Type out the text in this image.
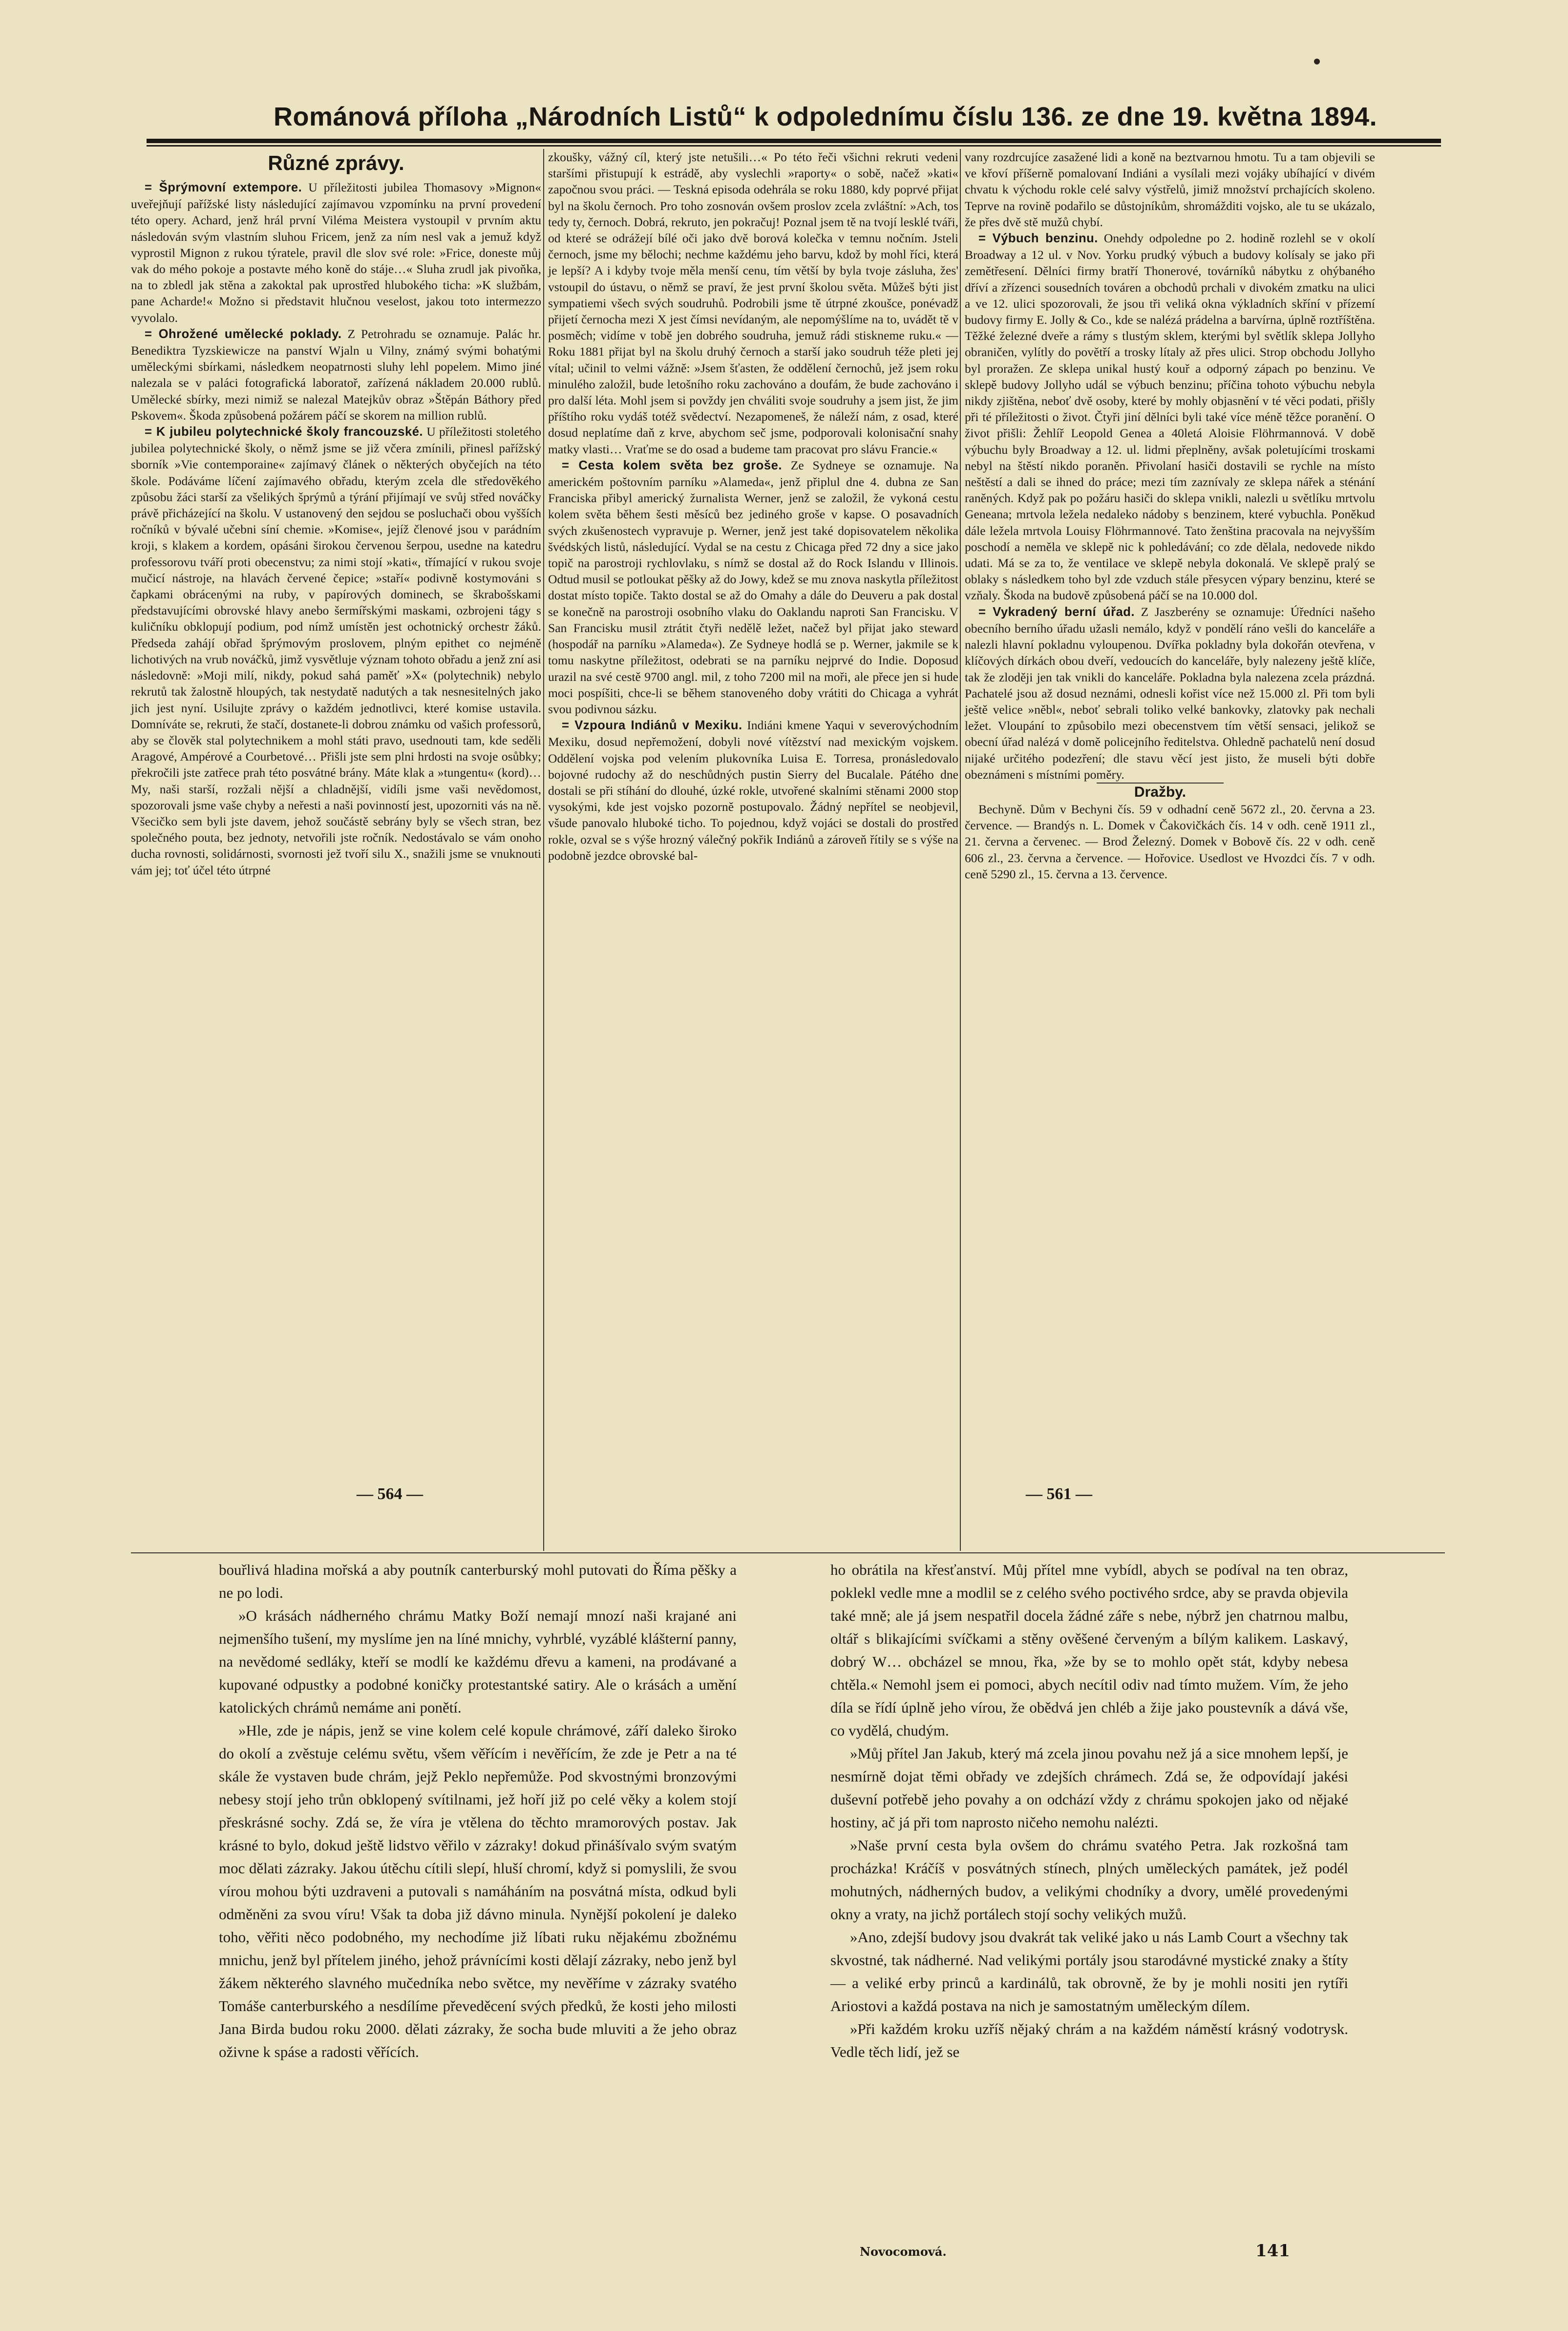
Románová příloha „Národních Listů“ k odpolednímu číslu 136. ze dne 19. května 1894.
Různé zprávy.

= Šprýmovní extempore. U příležitosti jubilea Thomasovy »Mignon« uveřejňují pařížské listy následující zajímavou vzpomínku na první provedení této opery. Achard, jenž hrál první Viléma Meistera vystoupil v prvním aktu následován svým vlastním sluhou Fricem, jenž za ním nesl vak a jemuž když vyprostil Mignon z rukou týratele, pravil dle slov své role: »Frice, doneste můj vak do mého pokoje a postavte mého koně do stáje…« Sluha zrudl jak pivoňka, na to zbledl jak stěna a zakoktal pak uprostřed hlubokého ticha: »K službám, pane Acharde!« Možno si představit hlučnou veselost, jakou toto intermezzo vyvolalo.

= Ohrožené umělecké poklady. Z Petrohradu se oznamuje. Palác hr. Benediktra Tyzskiewicze na panství Wjaln u Vilny, známý svými bohatými uměleckými sbírkami, následkem neopatrnosti sluhy lehl popelem. Mimo jiné nalezala se v paláci fotografická laboratoř, zařízená nákladem 20.000 rublů. Umělecké sbírky, mezi nimiž se nalezal Matejkův obraz »Štěpán Báthory před Pskovem«. Škoda způsobená požárem páčí se skorem na million rublů.

= K jubileu polytechnické školy francouzské. U příležitosti stoletého jubilea polytechnické školy, o němž jsme se již včera zmínili, přinesl pařížský sborník »Vie contemporaine« zajímavý článek o některých obyčejích na této škole. Podáváme líčení zajímavého obřadu, kterým zcela dle středověkého způsobu žáci starší za všelikých šprýmů a týrání přijímají ve svůj střed nováčky právě přicházející na školu. V ustanovený den sejdou se posluchači obou vyšších ročníků v bývalé učebni síní chemie. »Komise«, jejíž členové jsou v parádním kroji, s klakem a kordem, opásáni širokou červenou šerpou, usedne na katedru professorovu tváří proti obecenstvu; za nimi stojí »kati«, třímající v rukou svoje mučicí nástroje, na hlavách červené čepice; »staří« podivně kostymováni s čapkami obrácenými na ruby, v papírových dominech, se škrabošskami představujícími obrovské hlavy anebo šermířskými maskami, ozbrojeni tágy s kuličníku obklopují podium, pod nímž umístěn jest ochotnický orchestr žáků. Předseda zahájí obřad šprýmovým proslovem, plným epithet co nejméně lichotivých na vrub nováčků, jimž vysvětluje význam tohoto obřadu a jenž zní asi následovně: »Moji milí, nikdy, pokud sahá paměť »X« (polytechnik) nebylo rekrutů tak žalostně hloupých, tak nestydatě nadutých a tak nesnesitelných jako jich jest nyní. Usilujte zprávy o každém jednotlivci, které komise ustavila. Domníváte se, rekruti, že stačí, dostanete-li dobrou známku od vašich professorů, aby se člověk stal polytechnikem a mohl státi pravo, usednouti tam, kde seděli Aragové, Ampérové a Courbetové… Přišli jste sem plni hrdosti na svoje osůbky; překročili jste zatřece prah této posvátné brány. Máte klak a »tungentu« (kord)… My, naši starší, rozžali nější a chladnější, vidíli jsme vaši nevědomost, spozorovali jsme vaše chyby a neřesti a naši povinností jest, upozorniti vás na ně. Všecičko sem byli jste davem, jehož součástě sebrány byly se všech stran, bez společného pouta, bez jednoty, netvořili jste ročník. Nedostávalo se vám onoho ducha rovnosti, solidárnosti, svornosti jež tvoří silu X., snažili jsme se vnuknouti vám jej; toť účel této útrpné

zkoušky, vážný cíl, který jste netušili…« Po této řeči všichni rekruti vedeni staršími přistupují k estrádě, aby vyslechli »raporty« o sobě, načež »kati« započnou svou práci. — Teskná episoda odehrála se roku 1880, kdy poprvé přijat byl na školu černoch. Pro toho zosnován ovšem proslov zcela zvláštní: »Ach, tos tedy ty, černoch. Dobrá, rekruto, jen pokračuj! Poznal jsem tě na tvojí lesklé tváři, od které se odrážejí bílé oči jako dvě borová kolečka v temnu nočním. Jsteli černoch, jsme my bělochi; nechme každému jeho barvu, kdož by mohl říci, která je lepší? A i kdyby tvoje měla menší cenu, tím větší by byla tvoje zásluha, žes' vstoupil do ústavu, o němž se praví, že jest první školou světa. Můžeš býti jist sympatiemi všech svých soudruhů. Podrobili jsme tě útrpné zkoušce, ponévadž přijetí černocha mezi X jest čímsi nevídaným, ale nepomýšlíme na to, uvádět tě v posměch; vidíme v tobě jen dobrého soudruha, jemuž rádi stiskneme ruku.« — Roku 1881 přijat byl na školu druhý černoch a starší jako soudruh téže pleti jej vítal; učinil to velmi vážně: »Jsem šťasten, že oddělení černochů, jež jsem roku minulého založil, bude letošního roku zachováno a doufám, že bude zachováno i pro další léta. Mohl jsem si povždy jen chváliti svoje soudruhy a jsem jist, že jim příštího roku vydáš totéž svědectví. Nezapomeneš, že náleží nám, z osad, které dosud neplatíme daň z krve, abychom seč jsme, podporovali kolonisační snahy matky vlasti… Vraťme se do osad a budeme tam pracovat pro slávu Francie.«

= Cesta kolem světa bez groše. Ze Sydneye se oznamuje. Na americkém poštovním parníku »Alameda«, jenž připlul dne 4. dubna ze San Franciska přibyl americký žurnalista Werner, jenž se založil, že vykoná cestu kolem světa během šesti měsíců bez jediného groše v kapse. O posavadních svých zkušenostech vypravuje p. Werner, jenž jest také dopisovatelem několika švédských listů, následující. Vydal se na cestu z Chicaga před 72 dny a sice jako topič na parostroji rychlovlaku, s nímž se dostal až do Rock Islandu v Illinois. Odtud musil se potloukat pěšky až do Jowy, kdež se mu znova naskytla příležitost dostat místo topiče. Takto dostal se až do Omahy a dále do Deuveru a pak dostal se konečně na parostroji osobního vlaku do Oaklandu naproti San Francisku. V San Francisku musil ztrátit čtyři nedělě ležet, načež byl přijat jako steward (hospodář na parníku »Alameda«). Ze Sydneye hodlá se p. Werner, jakmile se k tomu naskytne příležitost, odebrati se na parníku nejprvé do Indie. Doposud urazil na své cestě 9700 angl. mil, z toho 7200 mil na moři, ale přece jen si hude moci pospíšiti, chce-li se během stanoveného doby vrátiti do Chicaga a vyhrát svou podivnou sázku.

= Vzpoura Indiánů v Mexiku. Indiáni kmene Yaqui v severovýchodním Mexiku, dosud nepřemožení, dobyli nové vítězství nad mexickým vojskem. Oddělení vojska pod velením plukovníka Luisa E. Torresa, pronásledovalo bojovné rudochy až do neschůdných pustin Sierry del Bucalale. Pátého dne dostali se při stíhání do dlouhé, úzké rokle, utvořené skalními stěnami 2000 stop vysokými, kde jest vojsko pozorně postupovalo. Žádný nepřítel se neobjevil, všude panovalo hluboké ticho. To pojednou, když vojáci se dostali do prostřed rokle, ozval se s výše hrozný válečný pokřik Indiánů a zároveň řítily se s výše na podobně jezdce obrovské bal-

vany rozdrcujíce zasažené lidi a koně na beztvarnou hmotu. Tu a tam objevili se ve křoví příšerně pomalovaní Indiáni a vysílali mezi vojáky ubíhající v divém chvatu k východu rokle celé salvy výstřelů, jimiž množství prchajících skoleno. Teprve na rovině podařilo se důstojníkům, shromážditi vojsko, ale tu se ukázalo, že přes dvě stě mužů chybí.

= Výbuch benzinu. Onehdy odpoledne po 2. hodině rozlehl se v okolí Broadway a 12 ul. v Nov. Yorku prudký výbuch a budovy kolísaly se jako při zemětřesení. Dělníci firmy bratří Thonerové, továrníků nábytku z ohýbaného dříví a zřízenci sousedních továren a obchodů prchali v divokém zmatku na ulici a ve 12. ulici spozorovali, že jsou tři veliká okna výkladních skříní v přízemí budovy firmy E. Jolly & Co., kde se nalézá prádelna a barvírna, úplně roztříštěna. Těžké železné dveře a rámy s tlustým sklem, kterými byl světlík sklepa Jollyho obraničen, vylítly do povětří a trosky lítaly až přes ulici. Strop obchodu Jollyho byl proražen. Ze sklepa unikal hustý kouř a odporný zápach po benzinu. Ve sklepě budovy Jollyho udál se výbuch benzinu; příčina tohoto výbuchu nebyla nikdy zjištěna, neboť dvě osoby, které by mohly objasnění v té věci podati, přišly při té příležitosti o život. Čtyři jiní dělníci byli také více méně těžce poranění. O život přišli: Žehlíř Leopold Genea a 40letá Aloisie Flöhrmannová. V době výbuchu byly Broadway a 12. ul. lidmi přeplněny, avšak poletujícími troskami nebyl na štěstí nikdo poraněn. Přivolaní hasiči dostavili se rychle na místo neštěstí a dali se ihned do práce; mezi tím zaznívaly ze sklepa nářek a sténání raněných. Když pak po požáru hasiči do sklepa vnikli, nalezli u světlíku mrtvolu Geneana; mrtvola ležela nedaleko nádoby s benzinem, které vybuchla. Poněkud dále ležela mrtvola Louisy Flöhrmannové. Tato ženština pracovala na nejvyšším poschodí a neměla ve sklepě nic k pohledávání; co zde dělala, nedovede nikdo udati. Má se za to, že ventilace ve sklepě nebyla dokonalá. Ve sklepě pralý se oblaky s následkem toho byl zde vzduch stále přesycen výpary benzinu, které se vzňaly. Škoda na budově způsobená páčí se na 10.000 dol.

= Vykradený berní úřad. Z Jaszberény se oznamuje: Úředníci našeho obecního berního úřadu užasli nemálo, když v pondělí ráno vešli do kanceláře a nalezli hlavní pokladnu vyloupenou. Dvířka pokladny byla dokořán otevřena, v klíčových dírkách obou dveří, vedoucích do kanceláře, byly nalezeny ještě klíče, tak že zloději jen tak vnikli do kanceláře. Pokladna byla nalezena zcela prázdná. Pachatelé jsou až dosud neznámi, odnesli kořist více než 15.000 zl. Při tom byli ještě velice »něbl«, neboť sebrali toliko velké bankovky, zlatovky pak nechali ležet. Vloupání to způsobilo mezi obecenstvem tím větší sensaci, jelikož se obecní úřad nalézá v domě policejního ředitelstva. Ohledně pachatelů není dosud nijaké určitého podezření; dle stavu věcí jest jisto, že museli býti dobře obeznámeni s místními poměry.

Dražby.

Bechyně. Dům v Bechyni čís. 59 v odhadní ceně 5672 zl., 20. června a 23. července. — Brandýs n. L. Domek v Čakovičkách čís. 14 v odh. ceně 1911 zl., 21. června a červenec. — Brod Železný. Domek v Bobově čís. 22 v odh. ceně 606 zl., 23. června a července. — Hořovice. Usedlost ve Hvozdci čís. 7 v odh. ceně 5290 zl., 15. června a 13. července.

— 564 —	— 561 —

bouřlivá hladina mořská a aby poutník canterburský mohl putovati do Říma pěšky a ne po lodi.

»O krásách nádherného chrámu Matky Boží nemají mnozí naši krajané ani nejmenšího tušení, my myslíme jen na líné mnichy, vyhrblé, vyzáblé klášterní panny, na nevědomé sedláky, kteří se modlí ke každému dřevu a kameni, na prodávané a kupované odpustky a podobné koničky protestantské satiry. Ale o krásách a umění katolických chrámů nemáme ani ponětí.

»Hle, zde je nápis, jenž se vine kolem celé kopule chrámové, září daleko široko do okolí a zvěstuje celému světu, všem věřícím i nevěřícím, že zde je Petr a na té skále že vystaven bude chrám, jejž Peklo nepřemůže. Pod skvostnými bronzovými nebesy stojí jeho trůn obklopený svítilnami, jež hoří již po celé věky a kolem stojí přeskrásné sochy. Zdá se, že víra je vtělena do těchto mramorových postav. Jak krásné to bylo, dokud ještě lidstvo věřilo v zázraky! dokud přinášívalo svým svatým moc dělati zázraky. Jakou útěchu cítili slepí, hluší chromí, když si pomyslili, že svou vírou mohou býti uzdraveni a putovali s namáháním na posvátná místa, odkud byli odměněni za svou víru! Však ta doba již dávno minula. Nynější pokolení je daleko toho, věřiti něco podobného, my nechodíme již líbati ruku nějakému zbožnému mnichu, jenž byl přítelem jiného, jehož právnícími kosti dělají zázraky, nebo jenž byl žákem některého slavného mučedníka nebo světce, my nevěříme v zázraky svatého Tomáše canterburského a nesdílíme převeděcení svých předků, že kosti jeho milosti Jana Birda budou roku 2000. dělati zázraky, že socha bude mluviti a že jeho obraz oživne k spáse a radosti věřících.

ho obrátila na křesťanství. Můj přítel mne vybídl, abych se podíval na ten obraz, poklekl vedle mne a modlil se z celého svého poctivého srdce, aby se pravda objevila také mně; ale já jsem nespatřil docela žádné záře s nebe, nýbrž jen chatrnou malbu, oltář s blikajícími svíčkami a stěny ověšené červeným a bílým kalikem. Laskavý, dobrý W… obcházel se mnou, řka, »že by se to mohlo opět stát, kdyby nebesa chtěla.« Nemohl jsem ei pomoci, abych necítil odiv nad tímto mužem. Vím, že jeho díla se řídí úplně jeho vírou, že obědvá jen chléb a žije jako poustevník a dává vše, co vydělá, chudým.

»Můj přítel Jan Jakub, který má zcela jinou povahu než já a sice mnohem lepší, je nesmírně dojat těmi obřady ve zdejších chrámech. Zdá se, že odpovídají jakési duševní potřebě jeho povahy a on odchází vždy z chrámu spokojen jako od nějaké hostiny, ač já při tom naprosto ničeho nemohu nalézti.

»Naše první cesta byla ovšem do chrámu svatého Petra. Jak rozkošná tam procházka! Kráčíš v posvátných stínech, plných uměleckých památek, jež podél mohutných, nádherných budov, a velikými chodníky a dvory, umělé provedenými okny a vraty, na jichž portálech stojí sochy velikých mužů.

»Ano, zdejší budovy jsou dvakrát tak veliké jako u nás Lamb Court a všechny tak skvostné, tak nádherné. Nad velikými portály jsou starodávné mystické znaky a štíty — a veliké erby princů a kardinálů, tak obrovně, že by je mohli nositi jen rytíři Ariostovi a každá postava na nich je samostatným uměleckým dílem.

»Při každém kroku uzříš nějaký chrám a na každém náměstí krásný vodotrysk. Vedle těch lidí, jež se

Novocomová.	141
